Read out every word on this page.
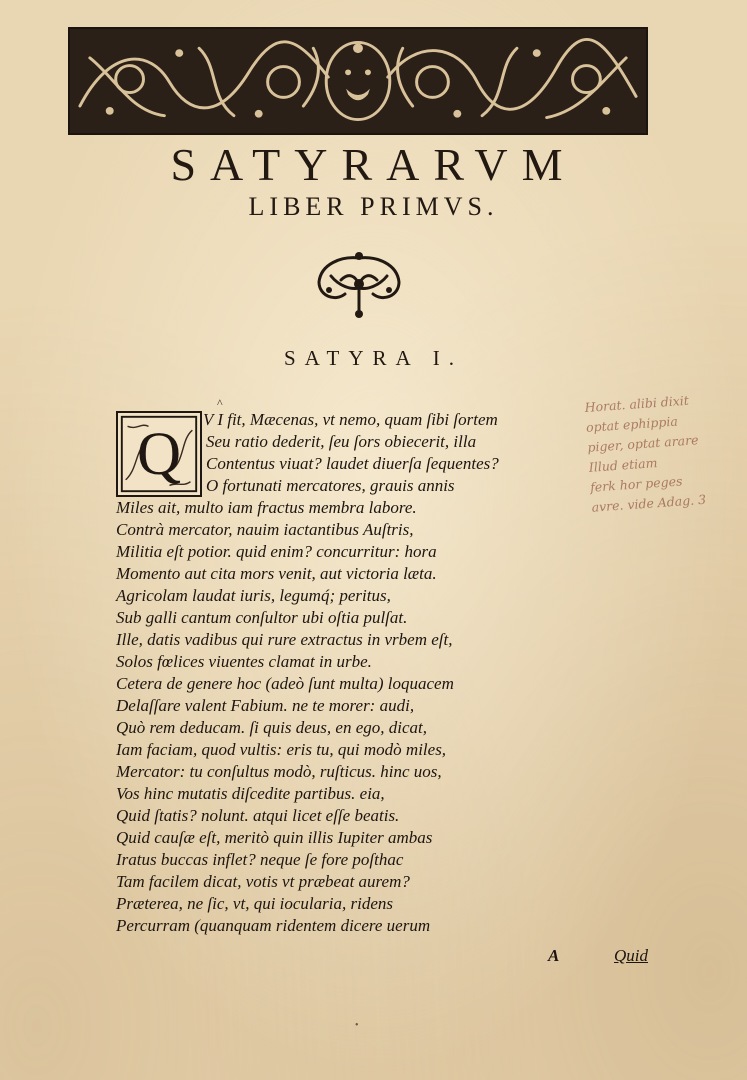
SATYRARVM
LIBER PRIMVS.
SATYRA I.
Q
^
V I fit, Mæcenas, vt nemo, quam ſibi ſortem
Seu ratio dederit, ſeu ſors obiecerit, illa
Contentus viuat? laudet diuerſa ſequentes?
O fortunati mercatores, grauis annis
Miles ait, multo iam fractus membra labore.
Contrà mercator, nauim iactantibus Auſtris,
Militia eſt potior. quid enim? concurritur: hora
Momento aut cita mors venit, aut victoria læta.
Agricolam laudat iuris, legumq́; peritus,
Sub galli cantum conſultor ubi oſtia pulſat.
Ille, datis vadibus qui rure extractus in vrbem eſt,
Solos fœlices viuentes clamat in urbe.
Cetera de genere hoc (adeò ſunt multa) loquacem
Delaſſare valent Fabium. ne te morer: audi,
Quò rem deducam. ſi quis deus, en ego, dicat,
Iam faciam, quod vultis: eris tu, qui modò miles,
Mercator: tu conſultus modò, ruſticus. hinc uos,
Vos hinc mutatis diſcedite partibus. eia,
Quid ſtatis? nolunt. atqui licet eſſe beatis.
Quid cauſæ eſt, meritò quin illis Iupiter ambas
Iratus buccas inflet? neque ſe fore poſthac
Tam facilem dicat, votis vt præbeat aurem?
Præterea, ne ſic, vt, qui iocularia, ridens
Percurram (quanquam ridentem dicere uerum
Horat. alibi dixit
optat ephippia
piger, optat arare
Illud etiam
ferk hor peges
avre. vide Adag. 3
A	Quid
•
